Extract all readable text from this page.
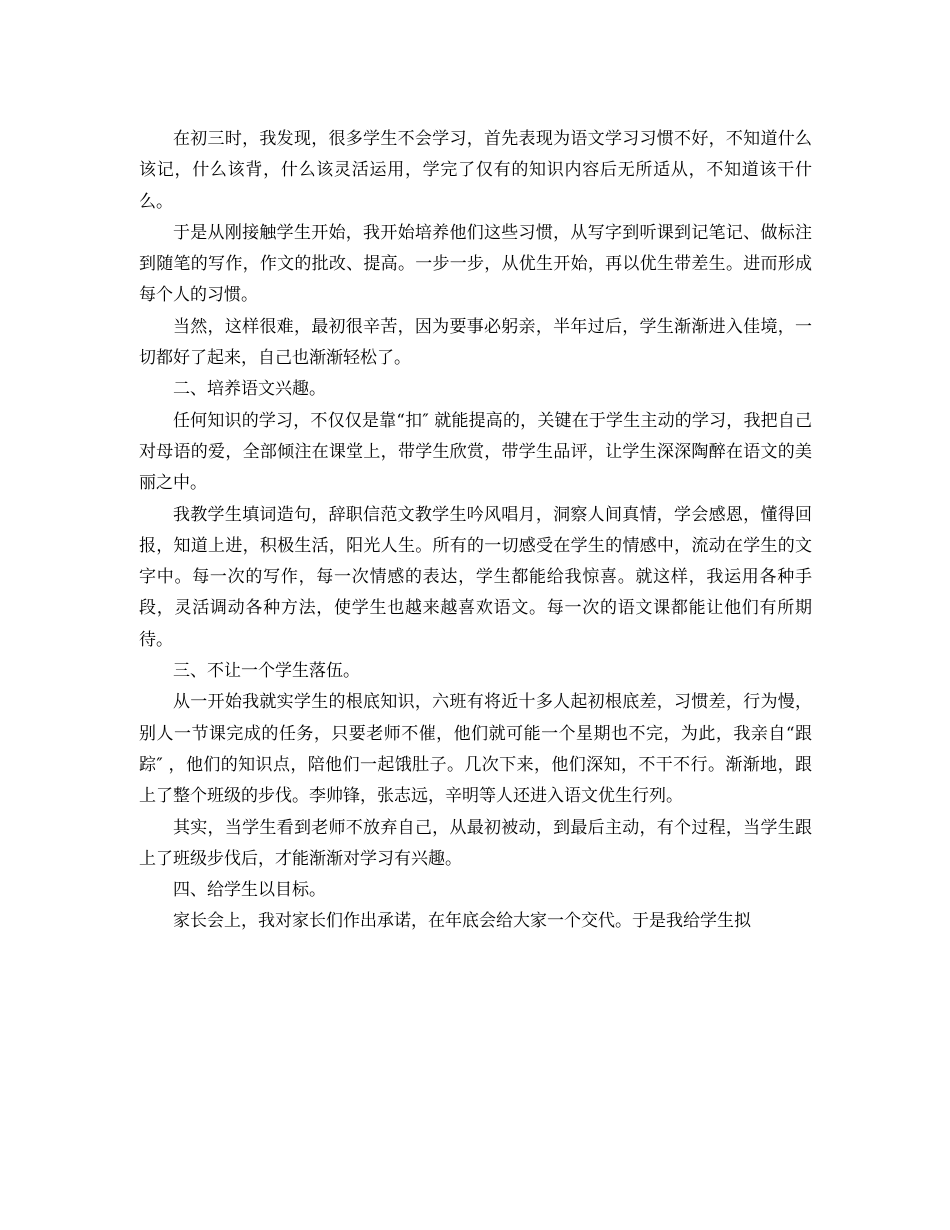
在初三时，我发现，很多学生不会学习，首先表现为语文学习习惯不好，不知道什么该记，什么该背，什么该灵活运用，学完了仅有的知识内容后无所适从，不知道该干什么。

于是从刚接触学生开始，我开始培养他们这些习惯，从写字到听课到记笔记、做标注到随笔的写作，作文的批改、提高。一步一步，从优生开始，再以优生带差生。进而形成每个人的习惯。

当然，这样很难，最初很辛苦，因为要事必躬亲，半年过后，学生渐渐进入佳境，一切都好了起来，自己也渐渐轻松了。

二、培养语文兴趣。

任何知识的学习，不仅仅是靠“扣″ 就能提高的，关键在于学生主动的学习，我把自己对母语的爱，全部倾注在课堂上，带学生欣赏，带学生品评，让学生深深陶醉在语文的美丽之中。

我教学生填词造句，辞职信范文教学生吟风唱月，洞察人间真情，学会感恩，懂得回报，知道上进，积极生活，阳光人生。所有的一切感受在学生的情感中，流动在学生的文字中。每一次的写作，每一次情感的表达，学生都能给我惊喜。就这样，我运用各种手段，灵活调动各种方法，使学生也越来越喜欢语文。每一次的语文课都能让他们有所期待。

三、不让一个学生落伍。

从一开始我就实学生的根底知识，六班有将近十多人起初根底差，习惯差，行为慢，别人一节课完成的任务，只要老师不催，他们就可能一个星期也不完，为此，我亲自“跟踪″ ，他们的知识点，陪他们一起饿肚子。几次下来，他们深知，不干不行。渐渐地，跟上了整个班级的步伐。李帅锋，张志远，辛明等人还进入语文优生行列。

其实，当学生看到老师不放弃自己，从最初被动，到最后主动，有个过程，当学生跟上了班级步伐后，才能渐渐对学习有兴趣。

四、给学生以目标。

家长会上，我对家长们作出承诺，在年底会给大家一个交代。于是我给学生拟
